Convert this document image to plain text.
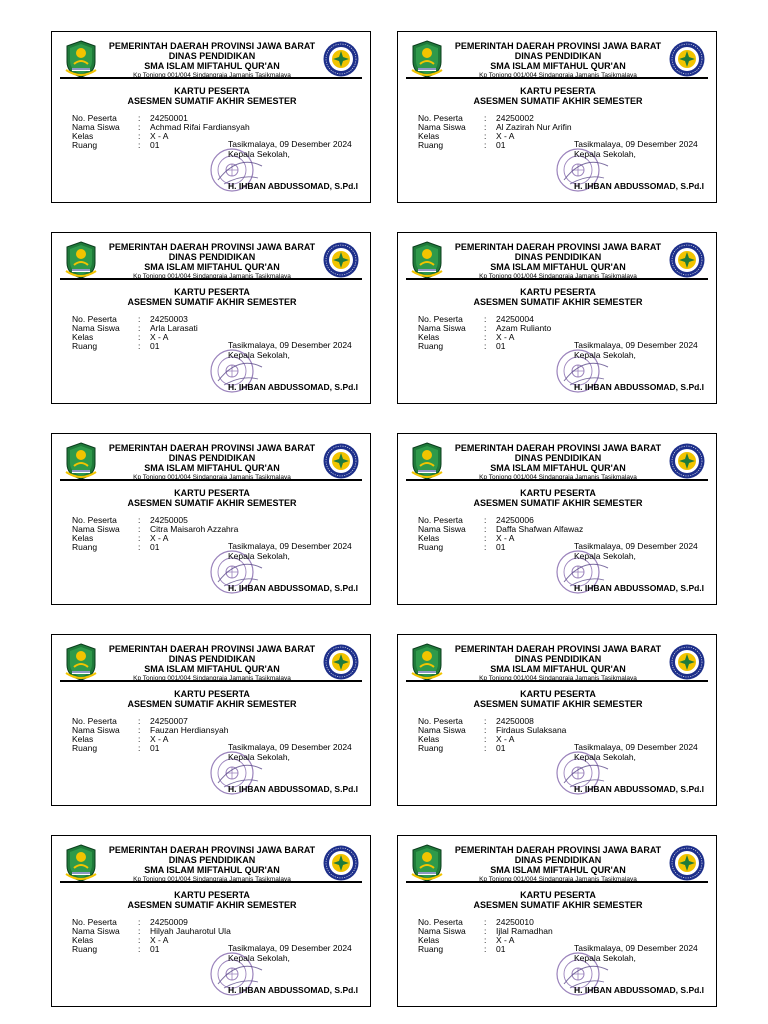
PEMERINTAH DAERAH PROVINSI JAWA BARAT
DINAS PENDIDIKAN
SMA ISLAM MIFTAHUL QUR'AN
Kp Tonjong 001/004 Sindangraja Jamanis Tasikmalaya
KARTU PESERTA
ASESMEN SUMATIF AKHIR SEMESTER
No. Peserta	:	24250001
Nama Siswa	:	Achmad Rifai Fardiansyah
Kelas	:	X - A
Ruang	:	01	Tasikmalaya, 09 Desember 2024
Kepala Sekolah,
H. IHBAN ABDUSSOMAD, S.Pd.I
PEMERINTAH DAERAH PROVINSI JAWA BARAT
DINAS PENDIDIKAN
SMA ISLAM MIFTAHUL QUR'AN
Kp Tonjong 001/004 Sindangraja Jamanis Tasikmalaya
KARTU PESERTA
ASESMEN SUMATIF AKHIR SEMESTER
No. Peserta	:	24250002
Nama Siswa	:	Al Zazirah Nur Arifin
Kelas	:	X - A
Ruang	:	01	Tasikmalaya, 09 Desember 2024
Kepala Sekolah,
H. IHBAN ABDUSSOMAD, S.Pd.I
PEMERINTAH DAERAH PROVINSI JAWA BARAT
DINAS PENDIDIKAN
SMA ISLAM MIFTAHUL QUR'AN
Kp Tonjong 001/004 Sindangraja Jamanis Tasikmalaya
KARTU PESERTA
ASESMEN SUMATIF AKHIR SEMESTER
No. Peserta	:	24250003
Nama Siswa	:	Arla Larasati
Kelas	:	X - A
Ruang	:	01	Tasikmalaya, 09 Desember 2024
Kepala Sekolah,
H. IHBAN ABDUSSOMAD, S.Pd.I
PEMERINTAH DAERAH PROVINSI JAWA BARAT
DINAS PENDIDIKAN
SMA ISLAM MIFTAHUL QUR'AN
Kp Tonjong 001/004 Sindangraja Jamanis Tasikmalaya
KARTU PESERTA
ASESMEN SUMATIF AKHIR SEMESTER
No. Peserta	:	24250004
Nama Siswa	:	Azam Rulianto
Kelas	:	X - A
Ruang	:	01	Tasikmalaya, 09 Desember 2024
Kepala Sekolah,
H. IHBAN ABDUSSOMAD, S.Pd.I
PEMERINTAH DAERAH PROVINSI JAWA BARAT
DINAS PENDIDIKAN
SMA ISLAM MIFTAHUL QUR'AN
Kp Tonjong 001/004 Sindangraja Jamanis Tasikmalaya
KARTU PESERTA
ASESMEN SUMATIF AKHIR SEMESTER
No. Peserta	:	24250005
Nama Siswa	:	Citra Maisaroh Azzahra
Kelas	:	X - A
Ruang	:	01	Tasikmalaya, 09 Desember 2024
Kepala Sekolah,
H. IHBAN ABDUSSOMAD, S.Pd.I
PEMERINTAH DAERAH PROVINSI JAWA BARAT
DINAS PENDIDIKAN
SMA ISLAM MIFTAHUL QUR'AN
Kp Tonjong 001/004 Sindangraja Jamanis Tasikmalaya
KARTU PESERTA
ASESMEN SUMATIF AKHIR SEMESTER
No. Peserta	:	24250006
Nama Siswa	:	Daffa Shafwan Alfawaz
Kelas	:	X - A
Ruang	:	01	Tasikmalaya, 09 Desember 2024
Kepala Sekolah,
H. IHBAN ABDUSSOMAD, S.Pd.I
PEMERINTAH DAERAH PROVINSI JAWA BARAT
DINAS PENDIDIKAN
SMA ISLAM MIFTAHUL QUR'AN
Kp Tonjong 001/004 Sindangraja Jamanis Tasikmalaya
KARTU PESERTA
ASESMEN SUMATIF AKHIR SEMESTER
No. Peserta	:	24250007
Nama Siswa	:	Fauzan Herdiansyah
Kelas	:	X - A
Ruang	:	01	Tasikmalaya, 09 Desember 2024
Kepala Sekolah,
H. IHBAN ABDUSSOMAD, S.Pd.I
PEMERINTAH DAERAH PROVINSI JAWA BARAT
DINAS PENDIDIKAN
SMA ISLAM MIFTAHUL QUR'AN
Kp Tonjong 001/004 Sindangraja Jamanis Tasikmalaya
KARTU PESERTA
ASESMEN SUMATIF AKHIR SEMESTER
No. Peserta	:	24250008
Nama Siswa	:	Firdaus Sulaksana
Kelas	:	X - A
Ruang	:	01	Tasikmalaya, 09 Desember 2024
Kepala Sekolah,
H. IHBAN ABDUSSOMAD, S.Pd.I
PEMERINTAH DAERAH PROVINSI JAWA BARAT
DINAS PENDIDIKAN
SMA ISLAM MIFTAHUL QUR'AN
Kp Tonjong 001/004 Sindangraja Jamanis Tasikmalaya
KARTU PESERTA
ASESMEN SUMATIF AKHIR SEMESTER
No. Peserta	:	24250009
Nama Siswa	:	Hilyah Jauharotul Ula
Kelas	:	X - A
Ruang	:	01	Tasikmalaya, 09 Desember 2024
Kepala Sekolah,
H. IHBAN ABDUSSOMAD, S.Pd.I
PEMERINTAH DAERAH PROVINSI JAWA BARAT
DINAS PENDIDIKAN
SMA ISLAM MIFTAHUL QUR'AN
Kp Tonjong 001/004 Sindangraja Jamanis Tasikmalaya
KARTU PESERTA
ASESMEN SUMATIF AKHIR SEMESTER
No. Peserta	:	24250010
Nama Siswa	:	Ijlal Ramadhan
Kelas	:	X - A
Ruang	:	01	Tasikmalaya, 09 Desember 2024
Kepala Sekolah,
H. IHBAN ABDUSSOMAD, S.Pd.I
